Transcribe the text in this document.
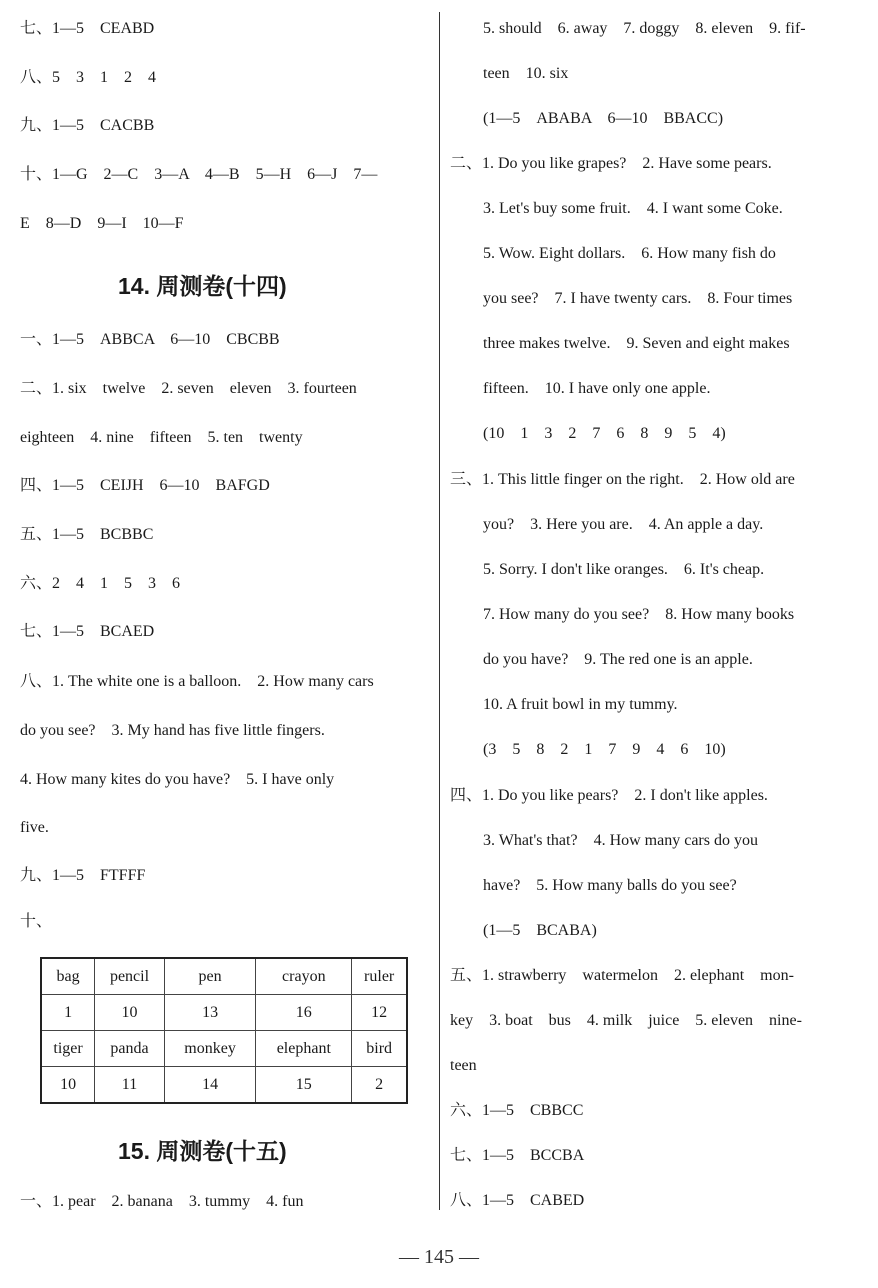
七、1—5　CEABD
八、5　3　1　2　4
九、1—5　CACBB
十、1—G　2—C　3—A　4—B　5—H　6—J　7—
E　8—D　9—I　10—F
14. 周测卷(十四)
一、1—5　ABBCA　6—10　CBCBB
二、1. six　twelve　2. seven　eleven　3. fourteen
eighteen　4. nine　fifteen　5. ten　twenty
四、1—5　CEIJH　6—10　BAFGD
五、1—5　BCBBC
六、2　4　1　5　3　6
七、1—5　BCAED
八、1. The white one is a balloon.　2. How many cars
do you see?　3. My hand has five little fingers.
4. How many kites do you have?　5. I have only
five.
九、1—5　FTFFF
十、
bag	pencil	pen	crayon	ruler
1	10	13	16	12
tiger	panda	monkey	elephant	bird
10	11	14	15	2
15. 周测卷(十五)
一、1. pear　2. banana　3. tummy　4. fun
5. should　6. away　7. doggy　8. eleven　9. fif-
teen　10. six
(1—5　ABABA　6—10　BBACC)
二、1. Do you like grapes?　2. Have some pears.
3. Let's buy some fruit.　4. I want some Coke.
5. Wow. Eight dollars.　6. How many fish do
you see?　7. I have twenty cars.　8. Four times
three makes twelve.　9. Seven and eight makes
fifteen.　10. I have only one apple.
(10　1　3　2　7　6　8　9　5　4)
三、1. This little finger on the right.　2. How old are
you?　3. Here you are.　4. An apple a day.
5. Sorry. I don't like oranges.　6. It's cheap.
7. How many do you see?　8. How many books
do you have?　9. The red one is an apple.
10. A fruit bowl in my tummy.
(3　5　8　2　1　7　9　4　6　10)
四、1. Do you like pears?　2. I don't like apples.
3. What's that?　4. How many cars do you
have?　5. How many balls do you see?
(1—5　BCABA)
五、1. strawberry　watermelon　2. elephant　mon-
key　3. boat　bus　4. milk　juice　5. eleven　nine-
teen
六、1—5　CBBCC
七、1—5　BCCBA
八、1—5　CABED
— 145 —
